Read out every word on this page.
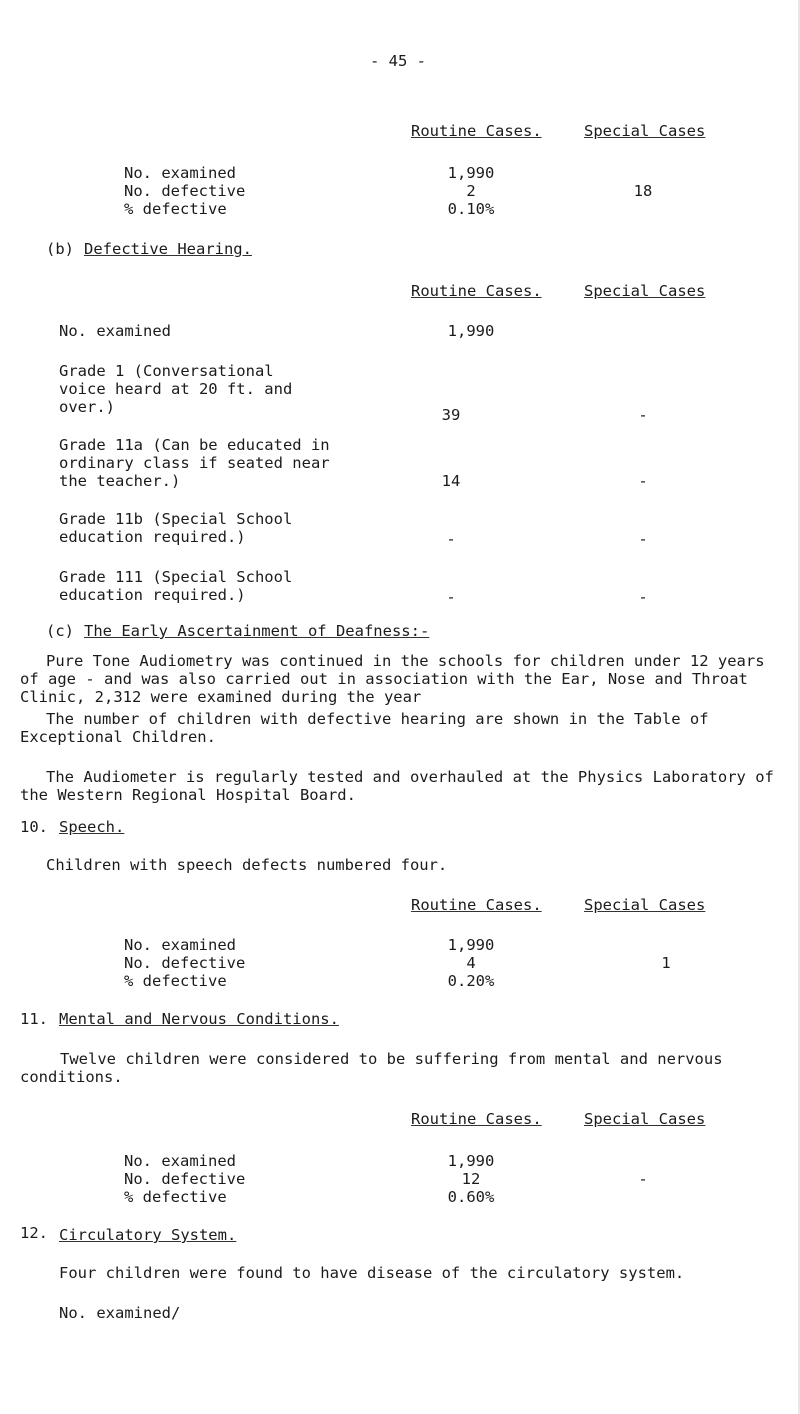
- 45 -
Routine Cases.	Special Cases
No. examined	1,990
No. defective	2	18
% defective	0.10%
(b) Defective Hearing.
Routine Cases.	Special Cases
No. examined	1,990
Grade 1 (Conversational
voice heard at 20 ft. and
over.)	39	-
Grade 11a (Can be educated in
ordinary class if seated near
the teacher.)	14	-
Grade 11b (Special School
education required.)	-	-
Grade 111 (Special School
education required.)	-	-
(c) The Early Ascertainment of Deafness:-
Pure Tone Audiometry was continued in the schools for children under 12 years of age - and was also carried out in association with the Ear, Nose and Throat Clinic, 2,312 were examined during the year
The number of children with defective hearing are shown in the Table of Exceptional Children.
The Audiometer is regularly tested and overhauled at the Physics Laboratory of the Western Regional Hospital Board.
10. Speech.
Children with speech defects numbered four.
Routine Cases.	Special Cases
No. examined	1,990
No. defective	4	1
% defective	0.20%
11. Mental and Nervous Conditions.
Twelve children were considered to be suffering from mental and nervous conditions.
Routine Cases.	Special Cases
No. examined	1,990
No. defective	12	-
% defective	0.60%
12. Circulatory System.
Four children were found to have disease of the circulatory system.
No. examined/
